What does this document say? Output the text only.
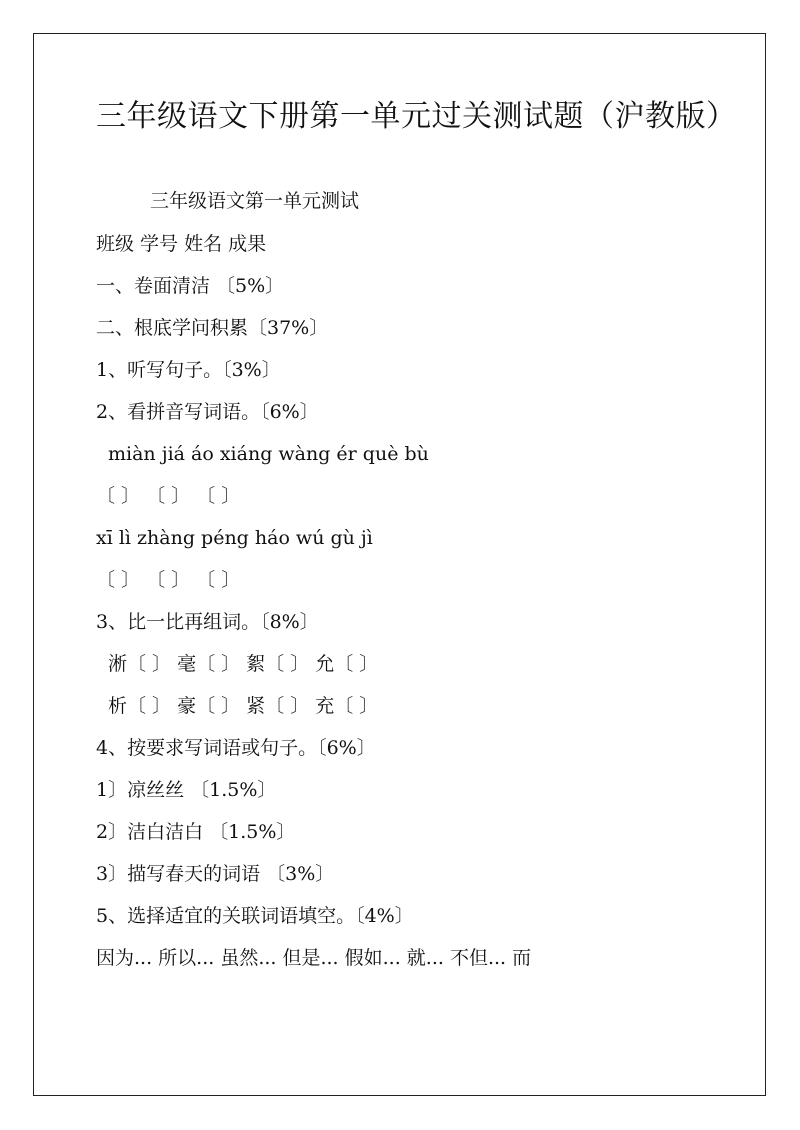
三年级语文下册第一单元过关测试题（沪教版）
三年级语文第一单元测试
班级 学号 姓名 成果
一、卷面清洁 〔5%〕
二、根底学问积累〔37%〕
1、听写句子。〔3%〕
2、看拼音写词语。〔6%〕
miàn jiá áo xiáng wàng ér què bù
〔 〕 〔 〕 〔 〕
xī lì zhàng péng háo wú gù jì
〔 〕 〔 〕 〔 〕
3、比一比再组词。〔8%〕
淅〔 〕 毫〔 〕 絮〔 〕 允〔 〕
析〔 〕 豪〔 〕 紧〔 〕 充〔 〕
4、按要求写词语或句子。〔6%〕
1〕凉丝丝 〔1.5%〕
2〕洁白洁白 〔1.5%〕
3〕描写春天的词语 〔3%〕
5、选择适宜的关联词语填空。〔4%〕
因为... 所以... 虽然... 但是... 假如... 就... 不但... 而
